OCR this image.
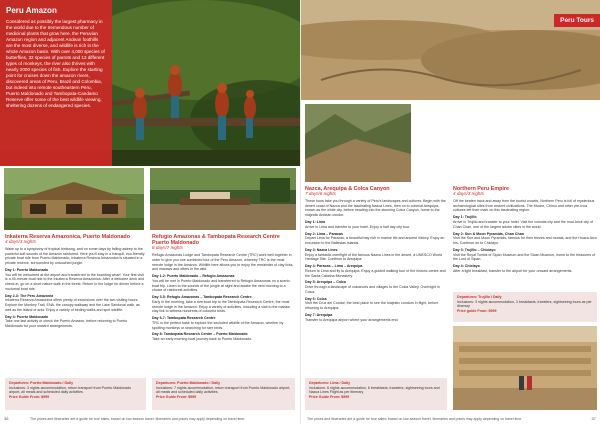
Peru Amazon
Considered as possibly the largest pharmacy in the world due to the tremendous number of medicinal plants that grow here, the Peruvian Amazon region and adjacent Andean foothills are the most diverse, and wildlife is rich in the whole Amazon basin. With over 4,000 species of butterflies, 32 species of parrots and 13 different types of monkeys, the river also thrives with nearly 2000 species of fish. Explore the starting point for cruises down the amazon rivers, discovered areas of Peru, Brazil and Colombia, but indeed into remote southeastern Peru, Puerto Maldonado and Tambopata-Candamo Reserve offer some of the best wildlife viewing, sheltering dozens of endangered species.
Inkaterra Reserva Amazonica, Puerto Maldonado
4 days/3 nights

Wake up to a symphony of tropical birdsong, and on some days by falling asleep to the powerful soft sounds of the Amazon rainforest. Here you'll stay in a tranquil, eco-friendly private boat ride from Puerto Maldonado, Inkaterra Reserva Amazonica is situated in a private reserve, surrounded by untouched jungle.

Day 1: Puerto Maldonado
You will be welcomed at the airport and transferred to the boarding wharf. Your first visit is a 45-minute boat ride to the Inkaterra Reserva Amazonica. After a welcome drink and check-in, go on a short nature walk in the forest. Return to the lodge for dinner before a nocturnal boat ride.

Day 2-3: The Peru Amazonia
Inkaterra Reserva Amazonica offers plenty of excursions over the two visiting hours. Explore the Monkey Trail, ENA, the canopy walkway and the Lake Sandoval walk, as well as the island of ants. Enjoy a variety of birding walks and spot wildlife.

Day 4: Puerto Maldonado
Take one last activity or check the Puerto Amazon, before returning to Puerto Maldonado for your onward arrangements.

Departures: Puerto Maldonado / Daily
Inclusions: 3 nights accommodation, return transport from Puerto Maldonado airport, all meals and scheduled daily activities
Price Guide From: $999
Refugio Amazonas & Tambopata Research Centre Puerto Maldonado
8 days/7 nights

Refugio Amazonas Lodge and Tambopata Research Centre (TRC) work well together in order to give you one combined tour of the Peru Amazon, whereby TRC is the most remote lodge in the Amazon. Wildlife here allows you to enjoy the remainder of clay licks, and macaws and otters in the wild.

Day 1-2: Puerto Maldonado – Refugio Amazonas
You will be met in Puerto Maldonado and transferred to Refugio Amazonas on a scenic boat trip. Listen to the sounds of the jungle at night and awake the next morning to a choice of rainforest activities.

Day 3-5: Refugio Amazonas – Tambopata Research Centre
Early in the morning, take a riverboat trip to the Tambopata Research Centre, the most remote lodge in the Amazon. Enjoy a variety of activities, including a visit to the macaw clay lick to witness hundreds of colourful birds.

Day 6-7: Tambopata Research Centre
TRC is the perfect base to explore the secluded wildlife of the Amazon, whether by spotting monkeys or searching for rare birds.

Day 8: Tambopata Research Centre – Puerto Maldonado
Take an early morning boat journey back to Puerto Maldonado.

Departures: Puerto Maldonado / Daily
Inclusions: 7 nights accommodation, return transport from Puerto Maldonado airport, all meals and scheduled daily activities
Price Guide From: $999
36	The prices and itineraries are a guide for tour sales; based on low-season travel. Itineraries and prices may apply depending on travel time.
Peru Tours
Nazca, Arequipa & Colca Canyon
7 days/6 nights

These tours take you through a variety of Peru's landscapes and cultures. Begin with the desert coast of Nazca and the fascinating Nazca Lines, then on to colonial Arequipa, known as the white city, before heading into the stunning Colca Canyon, home to the majestic Andean condor.

Day 1: Lima
Arrive in Lima and transfer to your hotel. Enjoy a half day city tour.

Day 2: Lima – Paracas
Depart Lima for Paracas, a beautiful bay rich in marine life and ancient history. Enjoy an excursion to the Ballestas Islands.

Day 3: Nazca Lines
Enjoy a fantastic overflight of the famous Nazca Lines in the desert, a UNESCO World Heritage Site. Continue to Arequipa.

Day 4: Paracas – Lima – Arequipa
Return to Lima and fly to Arequipa. Enjoy a guided walking tour of the historic centre and the Santa Catalina Monastery.

Day 5: Arequipa – Colca
Drive through a landscape of volcanoes and villages to the Colca Valley. Overnight in Colca.

Day 6: Colca
Visit the Cruz del Condor, the best place to see the majestic condors in flight, before returning to Arequipa.

Day 7: Arequipa
Transfer to Arequipa airport where your arrangements end.

Departures: Lima / Daily
Inclusions: 6 nights accommodation, 6 breakfasts, transfers, sightseeing tours and Nazca Lines Flight as per itinerary
Price Guide From: $999
Northern Peru Empire
4 days/3 nights

Off the beaten track and away from the tourist crowds, Northern Peru is full of mysterious archaeological sites from ancient civilizations. The Moche, Chimu and other pre-Inca cultures left their mark on this fascinating region.

Day 1: Trujillo
Arrive in Trujillo and transfer to your hotel. Visit the colonial city and the mud-brick city of Chan Chan, one of the largest adobe cities in the world.

Day 2: Sun & Moon Pyramids, Chan Chan
Visit the Sun and Moon Pyramids, famous for their friezes and murals, and the Huaca Arco Iris. Continue on to Chiclayo.

Day 3: Trujillo – Chiclayo
Visit the Royal Tombs of Sipan Museum and the Sican Museum, home to the treasures of the Lord of Sipan.

Day 4: Chiclayo
After a light breakfast, transfer to the airport for your onward arrangements.

Departures: Trujillo / Daily
Inclusions: 3 nights accommodation, 3 breakfasts, transfers, sightseeing tours as per itinerary
Price guide From: $999
The prices and itineraries are a guide for tour sales; based on low-season travel. Itineraries and prices may apply depending on travel time.	37
